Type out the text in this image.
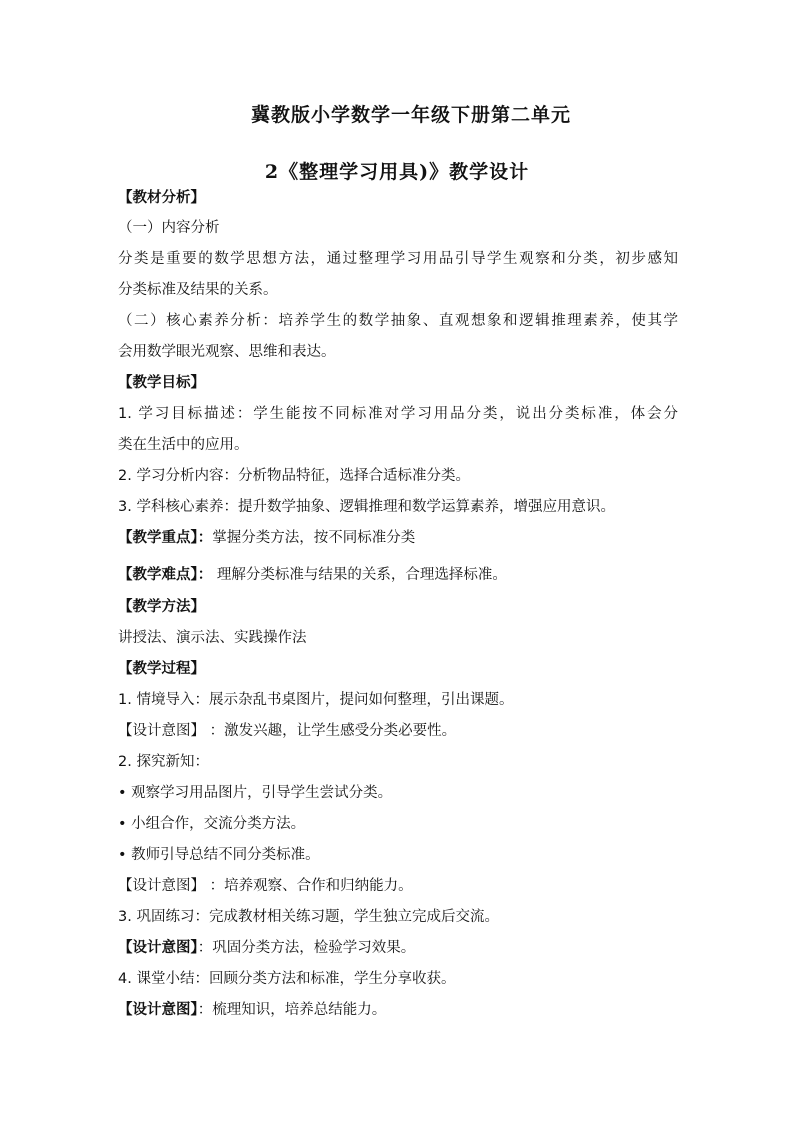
冀教版小学数学一年级下册第二单元
2《整理学习用具)》教学设计
【教材分析】
（一）内容分析
分类是重要的数学思想方法，通过整理学习用品引导学生观察和分类，初步感知
分类标准及结果的关系。
（二）核心素养分析：培养学生的数学抽象、直观想象和逻辑推理素养，使其学
会用数学眼光观察、思维和表达。
【教学目标】
1. 学习目标描述：学生能按不同标准对学习用品分类，说出分类标准，体会分
类在生活中的应用。
2. 学习分析内容：分析物品特征，选择合适标准分类。
3. 学科核心素养：提升数学抽象、逻辑推理和数学运算素养，增强应用意识。
【教学重点】：掌握分类方法，按不同标准分类
【教学难点】： 理解分类标准与结果的关系，合理选择标准。
【教学方法】
讲授法、演示法、实践操作法
【教学过程】
1. 情境导入：展示杂乱书桌图片，提问如何整理，引出课题。
【设计意图】 ：激发兴趣，让学生感受分类必要性。
2. 探究新知：
• 观察学习用品图片，引导学生尝试分类。
• 小组合作，交流分类方法。
• 教师引导总结不同分类标准。
【设计意图】 ：培养观察、合作和归纳能力。
3. 巩固练习：完成教材相关练习题，学生独立完成后交流。
【设计意图】：巩固分类方法，检验学习效果。
4. 课堂小结：回顾分类方法和标准，学生分享收获。
【设计意图】：梳理知识，培养总结能力。
